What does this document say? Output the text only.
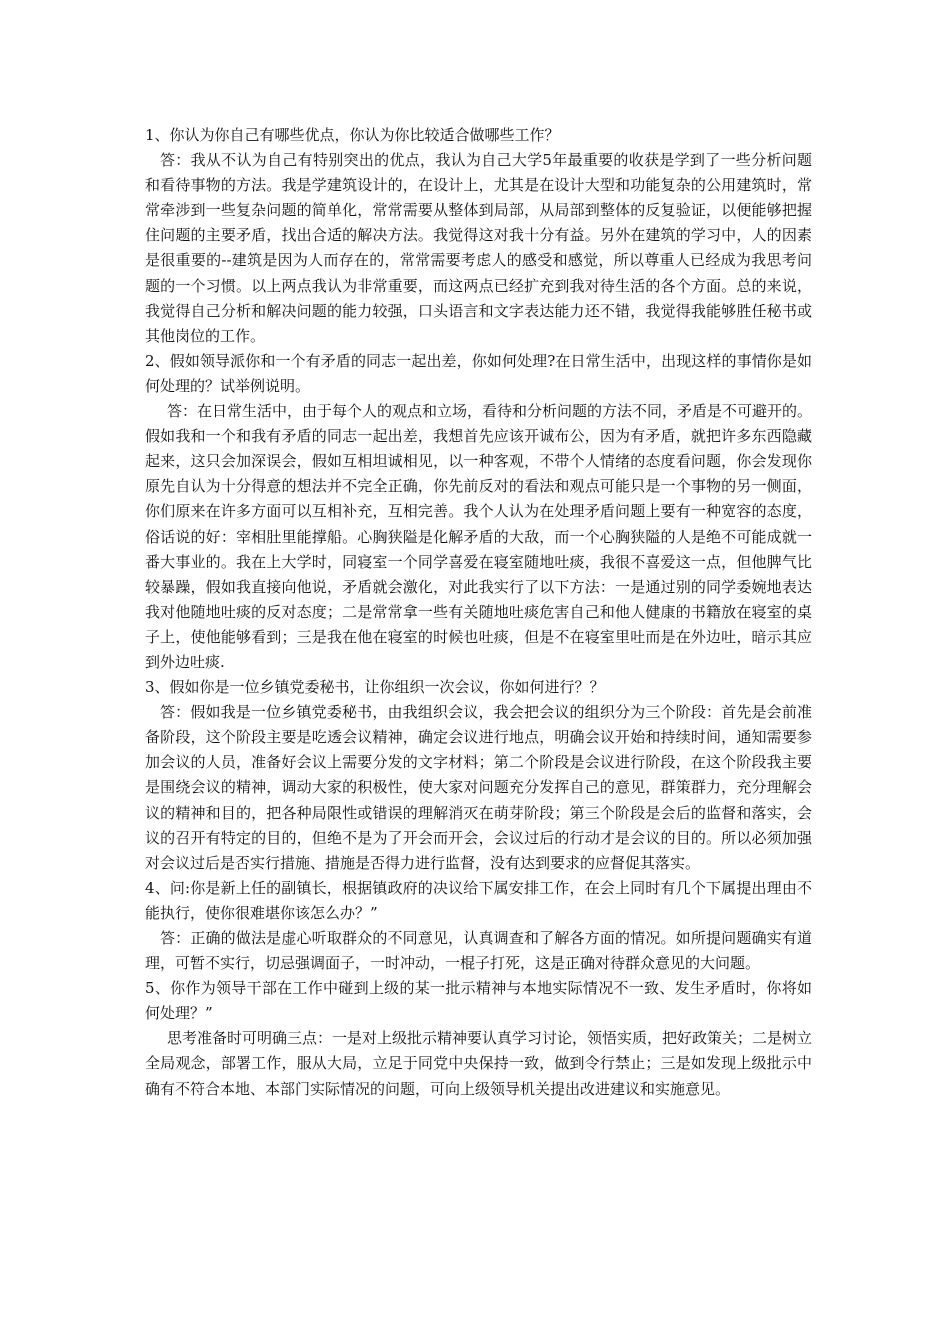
1、你认为你自己有哪些优点，你认为你比较适合做哪些工作？

答：我从不认为自己有特别突出的优点，我认为自己大学5年最重要的收获是学到了一些分析问题和看待事物的方法。我是学建筑设计的，在设计上，尤其是在设计大型和功能复杂的公用建筑时，常常牵涉到一些复杂问题的简单化，常常需要从整体到局部，从局部到整体的反复验证，以便能够把握住问题的主要矛盾，找出合适的解决方法。我觉得这对我十分有益。另外在建筑的学习中，人的因素是很重要的--建筑是因为人而存在的，常常需要考虑人的感受和感觉，所以尊重人已经成为我思考问题的一个习惯。以上两点我认为非常重要，而这两点已经扩充到我对待生活的各个方面。总的来说，我觉得自己分析和解决问题的能力较强，口头语言和文字表达能力还不错，我觉得我能够胜任秘书或其他岗位的工作。

2、假如领导派你和一个有矛盾的同志一起出差，你如何处理?在日常生活中，出现这样的事情你是如何处理的？试举例说明。

答：在日常生活中，由于每个人的观点和立场，看待和分析问题的方法不同，矛盾是不可避开的。假如我和一个和我有矛盾的同志一起出差，我想首先应该开诚布公，因为有矛盾，就把许多东西隐藏起来，这只会加深误会，假如互相坦诚相见，以一种客观，不带个人情绪的态度看问题，你会发现你原先自认为十分得意的想法并不完全正确，你先前反对的看法和观点可能只是一个事物的另一侧面，你们原来在许多方面可以互相补充，互相完善。我个人认为在处理矛盾问题上要有一种宽容的态度，俗话说的好：宰相肚里能撑船。心胸狭隘是化解矛盾的大敌，而一个心胸狭隘的人是绝不可能成就一番大事业的。我在上大学时，同寝室一个同学喜爱在寝室随地吐痰，我很不喜爱这一点，但他脾气比较暴躁，假如我直接向他说，矛盾就会激化，对此我实行了以下方法：一是通过别的同学委婉地表达我对他随地吐痰的反对态度；二是常常拿一些有关随地吐痰危害自己和他人健康的书籍放在寝室的桌子上，使他能够看到；三是我在他在寝室的时候也吐痰，但是不在寝室里吐而是在外边吐，暗示其应到外边吐痰.

3、假如你是一位乡镇党委秘书，让你组织一次会议，你如何进行？？

答：假如我是一位乡镇党委秘书，由我组织会议，我会把会议的组织分为三个阶段：首先是会前准备阶段，这个阶段主要是吃透会议精神，确定会议进行地点，明确会议开始和持续时间，通知需要参加会议的人员，准备好会议上需要分发的文字材料；第二个阶段是会议进行阶段，在这个阶段我主要是围绕会议的精神，调动大家的积极性，使大家对问题充分发挥自己的意见，群策群力，充分理解会议的精神和目的，把各种局限性或错误的理解消灭在萌芽阶段；第三个阶段是会后的监督和落实，会议的召开有特定的目的，但绝不是为了开会而开会，会议过后的行动才是会议的目的。所以必须加强对会议过后是否实行措施、措施是否得力进行监督，没有达到要求的应督促其落实。

4、问:你是新上任的副镇长，根据镇政府的决议给下属安排工作，在会上同时有几个下属提出理由不能执行，使你很难堪你该怎么办？”

答：正确的做法是虚心听取群众的不同意见，认真调查和了解各方面的情况。如所提问题确实有道理，可暂不实行，切忌强调面子，一时冲动，一棍子打死，这是正确对待群众意见的大问题。

5、你作为领导干部在工作中碰到上级的某一批示精神与本地实际情况不一致、发生矛盾时，你将如何处理？”

思考准备时可明确三点：一是对上级批示精神要认真学习讨论，领悟实质，把好政策关；二是树立全局观念，部署工作，服从大局，立足于同党中央保持一致，做到令行禁止；三是如发现上级批示中确有不符合本地、本部门实际情况的问题，可向上级领导机关提出改进建议和实施意见。
